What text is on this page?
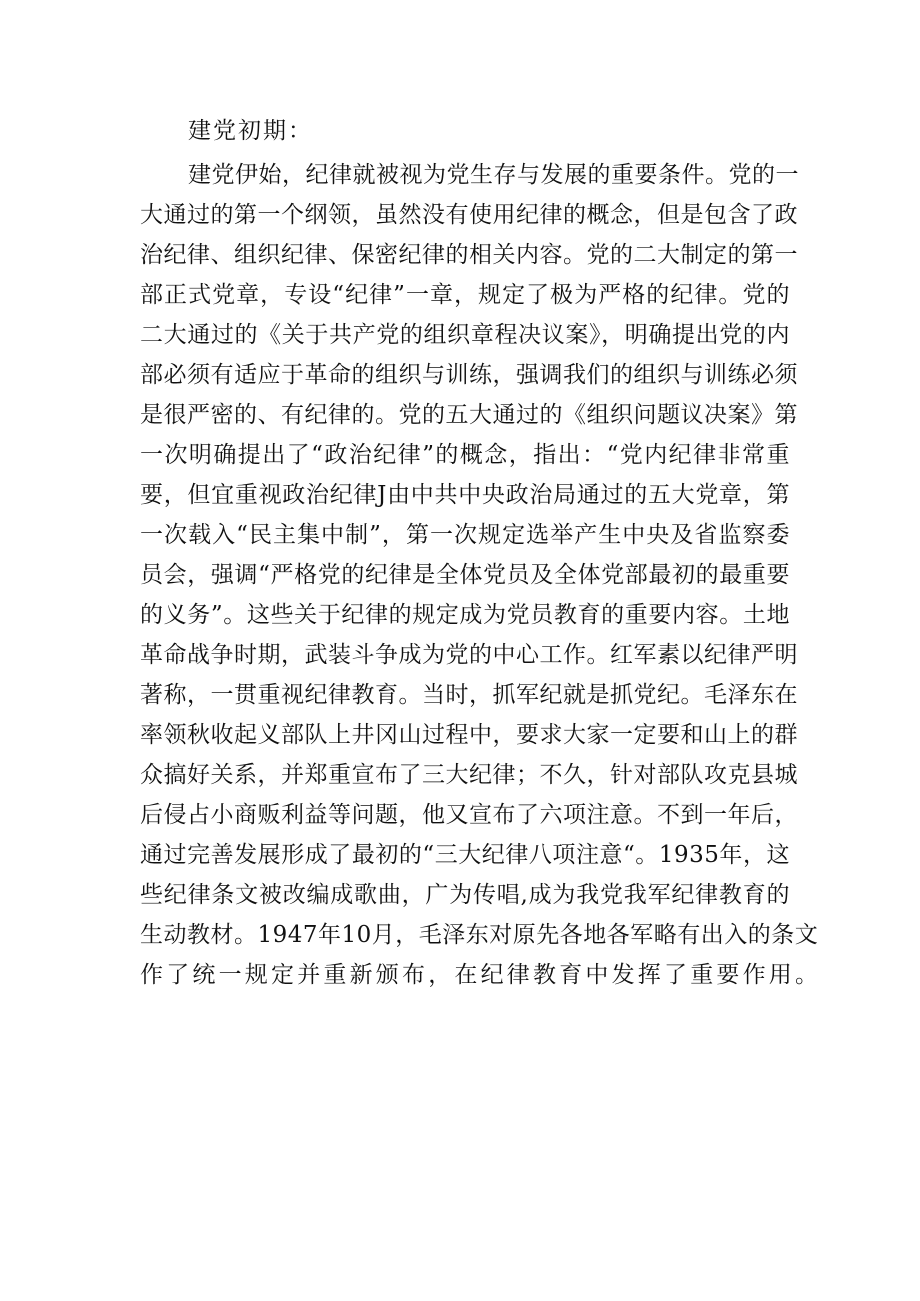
建党初期：
建党伊始，纪律就被视为党生存与发展的重要条件。党的一
大通过的第一个纲领，虽然没有使用纪律的概念，但是包含了政
治纪律、组织纪律、保密纪律的相关内容。党的二大制定的第一
部正式党章，专设“纪律”一章，规定了极为严格的纪律。党的
二大通过的《关于共产党的组织章程决议案》，明确提出党的内
部必须有适应于革命的组织与训练，强调我们的组织与训练必须
是很严密的、有纪律的。党的五大通过的《组织问题议决案》第
一次明确提出了“政治纪律”的概念，指出：“党内纪律非常重
要，但宜重视政治纪律J由中共中央政治局通过的五大党章，第
一次载入“民主集中制”，第一次规定选举产生中央及省监察委
员会，强调“严格党的纪律是全体党员及全体党部最初的最重要
的义务”。这些关于纪律的规定成为党员教育的重要内容。土地
革命战争时期，武装斗争成为党的中心工作。红军素以纪律严明
著称，一贯重视纪律教育。当时，抓军纪就是抓党纪。毛泽东在
率领秋收起义部队上井冈山过程中，要求大家一定要和山上的群
众搞好关系，并郑重宣布了三大纪律；不久，针对部队攻克县城
后侵占小商贩利益等问题，他又宣布了六项注意。不到一年后，
通过完善发展形成了最初的“三大纪律八项注意“。1935年，这
些纪律条文被改编成歌曲，广为传唱,成为我党我军纪律教育的
生动教材。1947年10月，毛泽东对原先各地各军略有出入的条文
作了统一规定并重新颁布，在纪律教育中发挥了重要作用。
